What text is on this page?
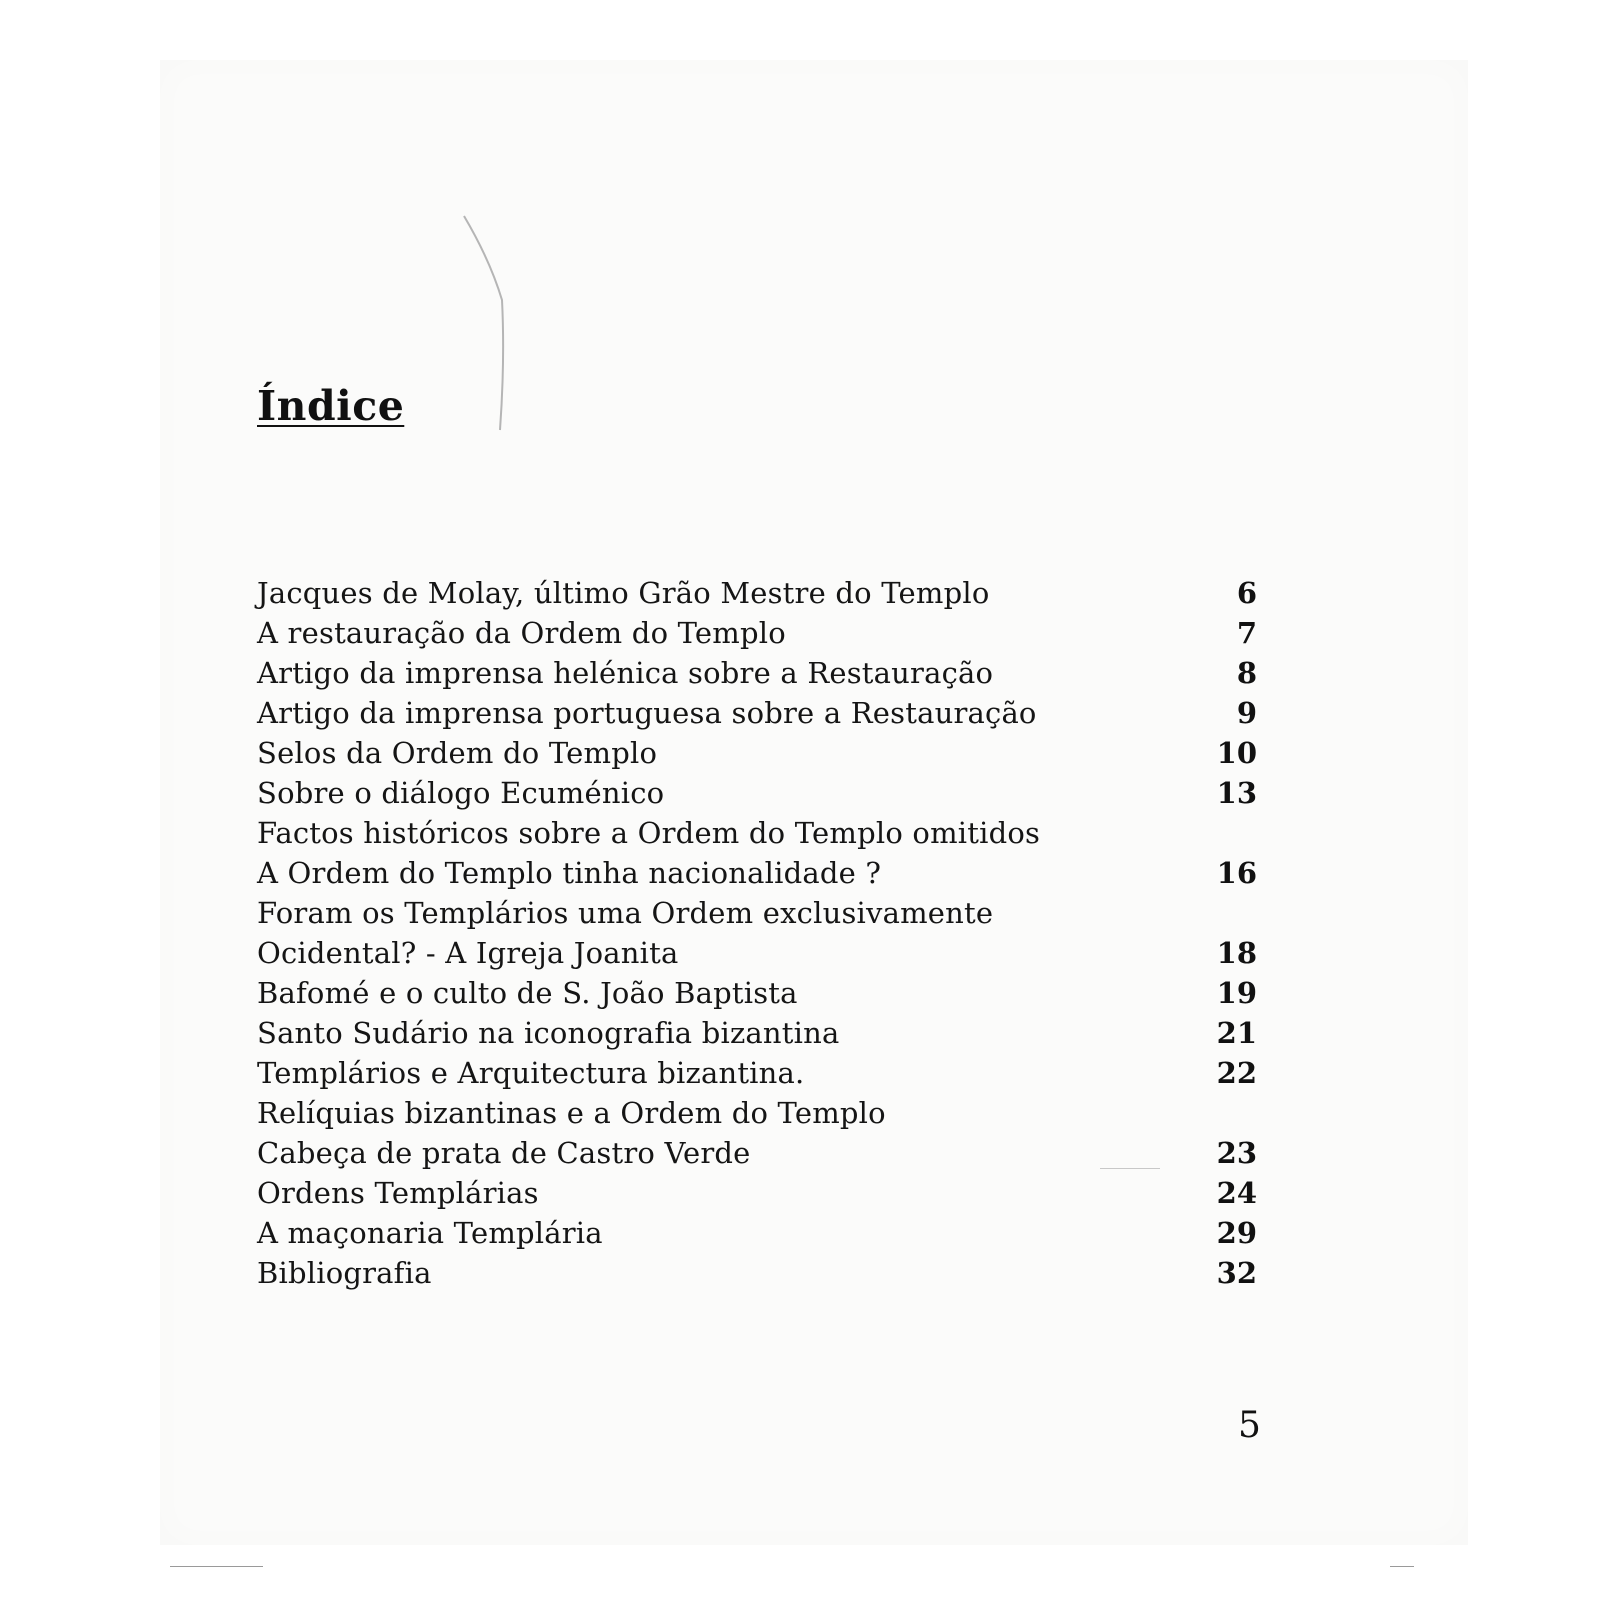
Índice
Jacques de Molay, último Grão Mestre do Templo	6
A restauração da Ordem do Templo	7
Artigo da imprensa helénica sobre a Restauração	8
Artigo da imprensa portuguesa sobre a Restauração	9
Selos da Ordem do Templo	10
Sobre o diálogo Ecuménico	13
Factos históricos sobre a Ordem do Templo omitidos
A Ordem do Templo tinha nacionalidade ?	16
Foram os Templários uma Ordem exclusivamente
Ocidental? - A Igreja Joanita	18
Bafomé e o culto de S. João Baptista	19
Santo Sudário na iconografia bizantina	21
Templários e Arquitectura bizantina.	22
Relíquias bizantinas e a Ordem do Templo
Cabeça de prata de Castro Verde	23
Ordens Templárias	24
A maçonaria Templária	29
Bibliografia	32
5
